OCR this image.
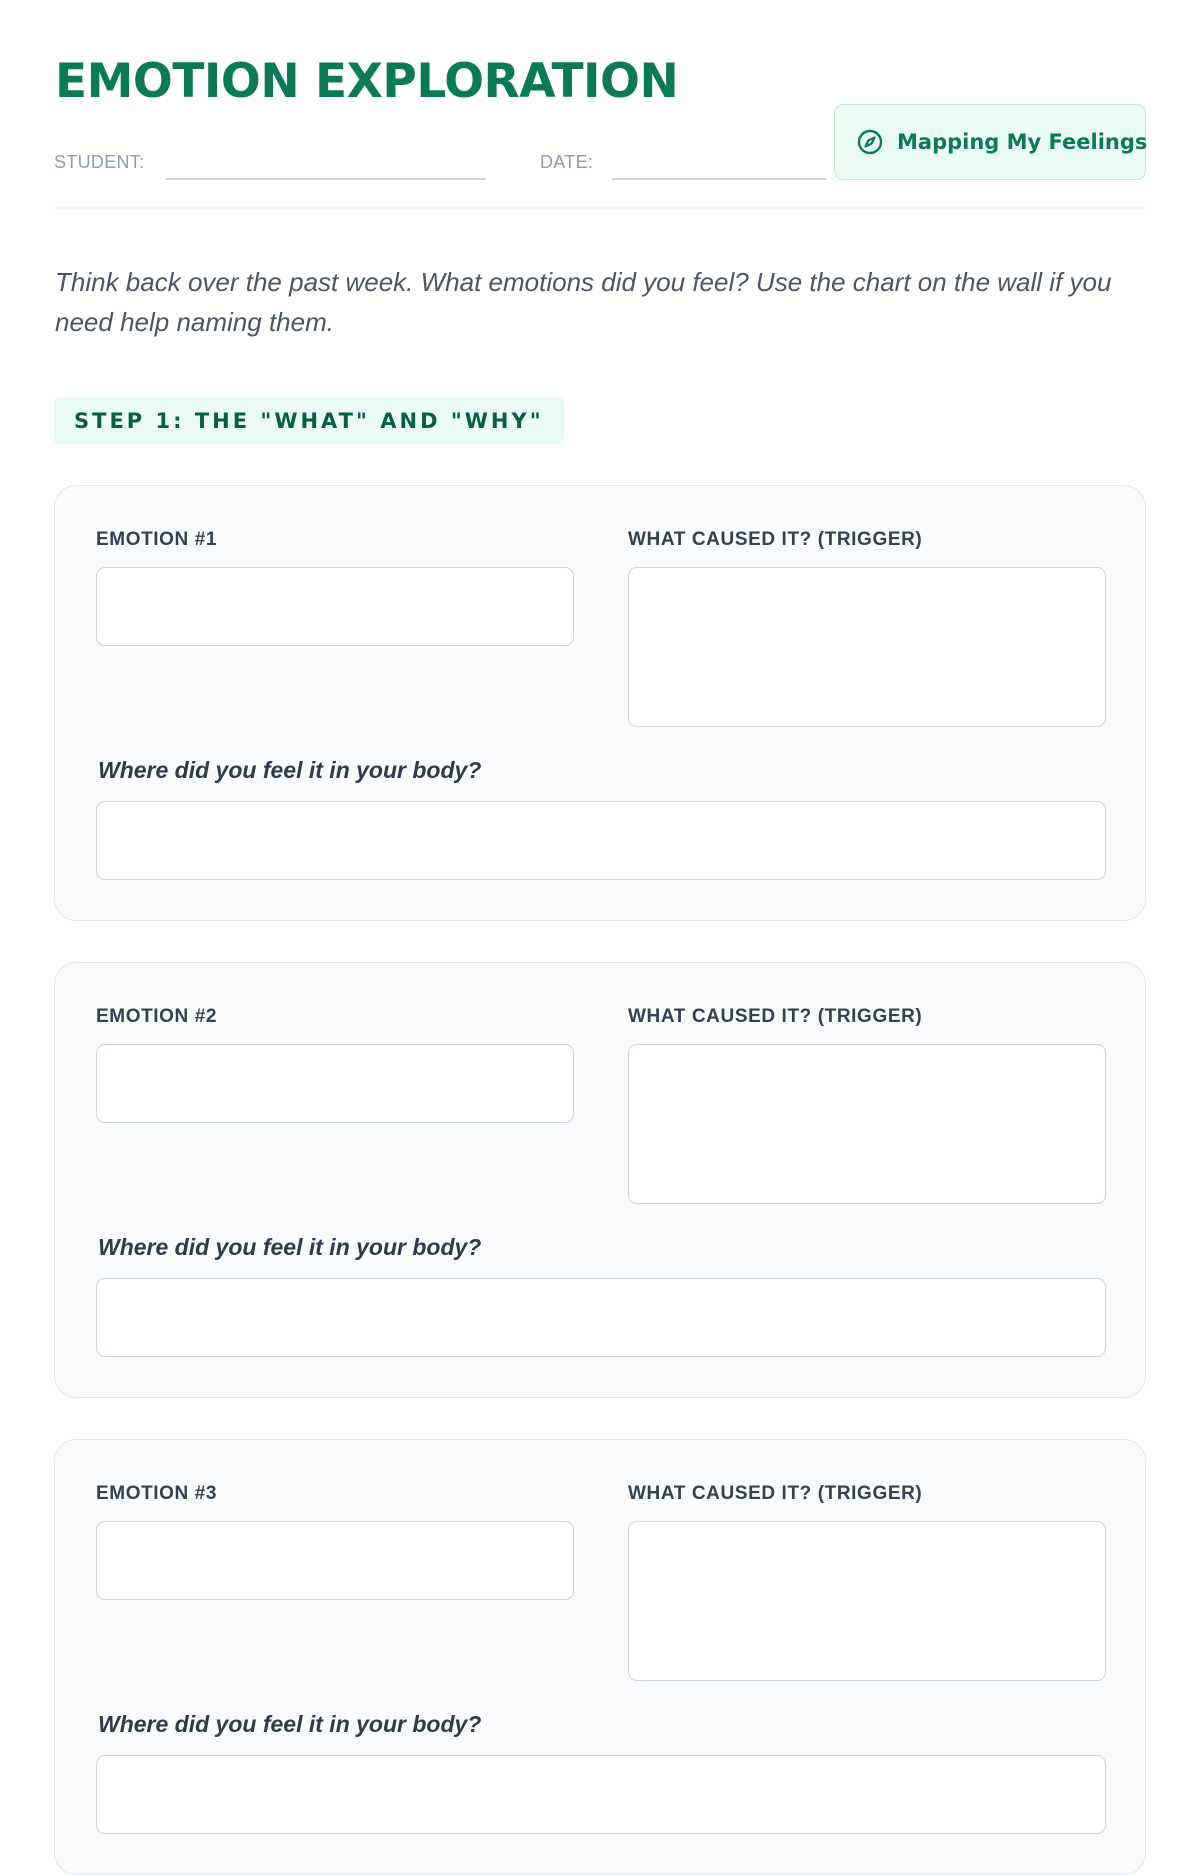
EMOTION EXPLORATION
STUDENT:	DATE:
Mapping My Feelings

Think back over the past week. What emotions did you feel? Use the chart on the wall if you need help naming them.

STEP 1: THE "WHAT" AND "WHY"
EMOTION #1	WHAT CAUSED IT? (TRIGGER)
Where did you feel it in your body?
EMOTION #2	WHAT CAUSED IT? (TRIGGER)
Where did you feel it in your body?
EMOTION #3	WHAT CAUSED IT? (TRIGGER)
Where did you feel it in your body?
